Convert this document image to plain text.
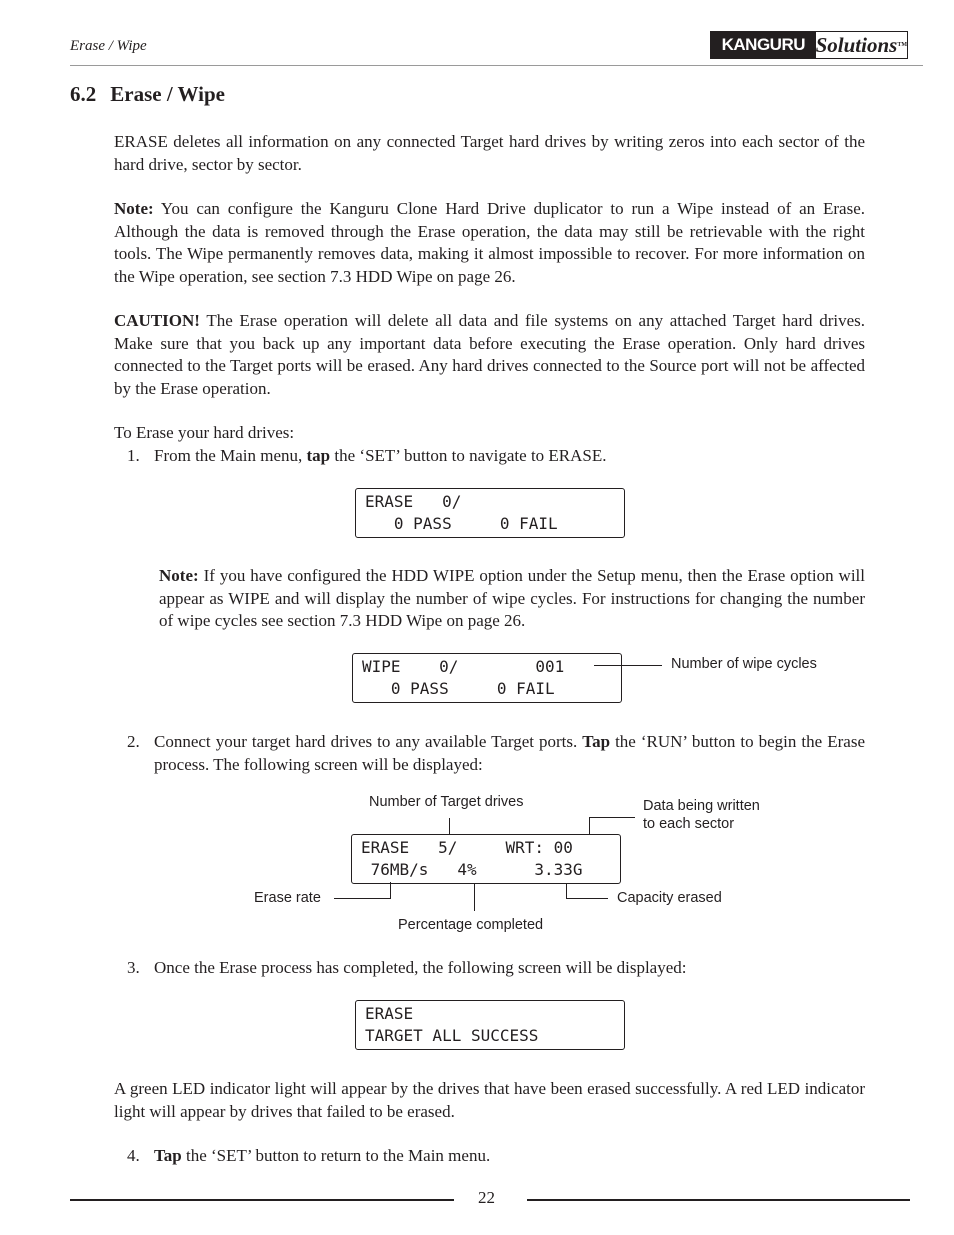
Erase / Wipe	KANGURU Solutions TM
6.2 Erase / Wipe

ERASE deletes all information on any connected Target hard drives by writing zeros into each sector of the hard drive, sector by sector.

Note: You can configure the Kanguru Clone Hard Drive duplicator to run a Wipe instead of an Erase. Although the data is removed through the Erase operation, the data may still be retrievable with the right tools. The Wipe permanently removes data, making it almost impossible to recover. For more information on the Wipe operation, see section 7.3 HDD Wipe on page 26.

CAUTION! The Erase operation will delete all data and file systems on any attached Target hard drives. Make sure that you back up any important data before executing the Erase operation. Only hard drives connected to the Target ports will be erased. Any hard drives connected to the Source port will not be affected by the Erase operation.

To Erase your hard drives:

1. From the Main menu, tap the ‘SET’ button to navigate to ERASE.
ERASE   0/
0 PASS     0 FAIL

Note: If you have configured the HDD WIPE option under the Setup menu, then the Erase option will appear as WIPE and will display the number of wipe cycles. For instructions for changing the number of wipe cycles see section 7.3 HDD Wipe on page 26.

WIPE    0/        001
0 PASS     0 FAIL
Number of wipe cycles
2. Connect your target hard drives to any available Target ports. Tap the ‘RUN’ button to begin the Erase process. The following screen will be displayed:
Number of Target drives	Data being written
to each sector
ERASE   5/     WRT: 00
76MB/s   4%      3.33G
Erase rate
Percentage completed
Capacity erased
3. Once the Erase process has completed, the following screen will be displayed:
ERASE
TARGET ALL SUCCESS

A green LED indicator light will appear by the drives that have been erased successfully. A red LED indicator light will appear by drives that failed to be erased.

4. Tap the ‘SET’ button to return to the Main menu.
22
